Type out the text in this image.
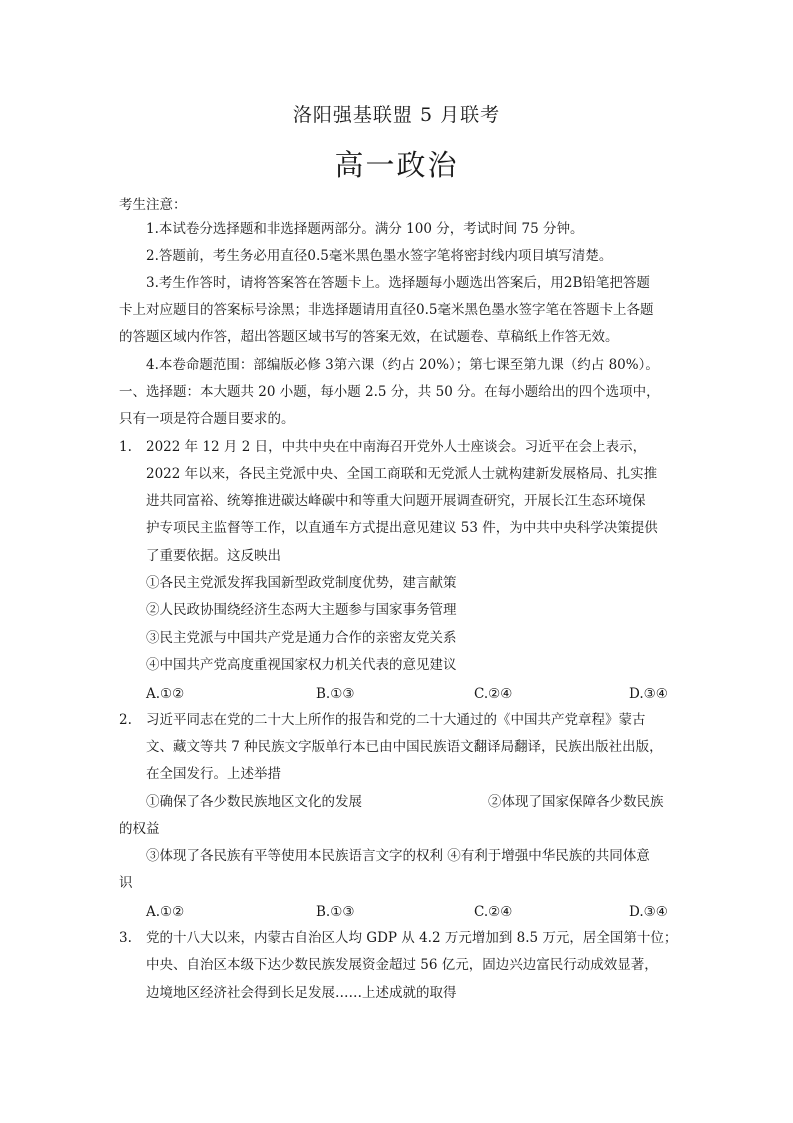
洛阳强基联盟 5 月联考
高一政治
考生注意：
1.本试卷分选择题和非选择题两部分。满分 100 分，考试时间 75 分钟。
2.答题前，考生务必用直径0.5毫米黑色墨水签字笔将密封线内项目填写清楚。
3.考生作答时，请将答案答在答题卡上。选择题每小题选出答案后，用2B铅笔把答题
卡上对应题目的答案标号涂黑；非选择题请用直径0.5毫米黑色墨水签字笔在答题卡上各题
的答题区域内作答，超出答题区域书写的答案无效，在试题卷、草稿纸上作答无效。
4.本卷命题范围：部编版必修 3第六课（约占 20%）；第七课至第九课（约占 80%）。
一、选择题：本大题共 20 小题，每小题 2.5 分，共 50 分。在每小题给出的四个选项中，
只有一项是符合题目要求的。
1. 2022 年 12 月 2 日，中共中央在中南海召开党外人士座谈会。习近平在会上表示，
2022 年以来，各民主党派中央、全国工商联和无党派人士就构建新发展格局、扎实推
进共同富裕、统筹推进碳达峰碳中和等重大问题开展调查研究，开展长江生态环境保
护专项民主监督等工作，以直通车方式提出意见建议 53 件，为中共中央科学决策提供
了重要依据。这反映出
①各民主党派发挥我国新型政党制度优势，建言献策
②人民政协围绕经济生态两大主题参与国家事务管理
③民主党派与中国共产党是通力合作的亲密友党关系
④中国共产党高度重视国家权力机关代表的意见建议
A.①②	B.①③	C.②④	D.③④
2. 习近平同志在党的二十大上所作的报告和党的二十大通过的《中国共产党章程》蒙古
文、藏文等共 7 种民族文字版单行本已由中国民族语文翻译局翻译，民族出版社出版，
在全国发行。上述举措
①确保了各少数民族地区文化的发展	②体现了国家保障各少数民族
的权益
③体现了各民族有平等使用本民族语言文字的权利 ④有利于增强中华民族的共同体意
识
A.①②	B.①③	C.②④	D.③④
3. 党的十八大以来，内蒙古自治区人均 GDP 从 4.2 万元增加到 8.5 万元，居全国第十位；
中央、自治区本级下达少数民族发展资金超过 56 亿元，固边兴边富民行动成效显著，
边境地区经济社会得到长足发展……上述成就的取得
